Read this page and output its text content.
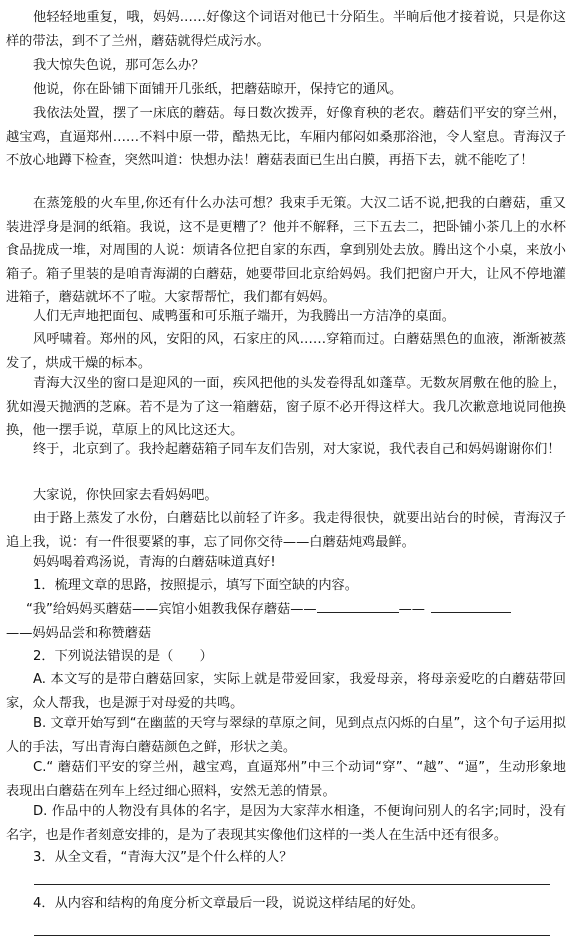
他轻轻地重复，哦，妈妈……好像这个词语对他已十分陌生。半晌后他才接着说，只是你这样的带法，到不了兰州，蘑菇就得烂成污水。
我大惊失色说，那可怎么办？
他说，你在卧铺下面铺开几张纸，把蘑菇晾开，保持它的通风。
我依法处置，摆了一床底的蘑菇。每日数次拨弄，好像育秧的老农。蘑菇们平安的穿兰州，越宝鸡，直逼郑州……不料中原一带，酷热无比，车厢内郁闷如桑那浴池，令人窒息。青海汉子不放心地蹲下检查，突然叫道：快想办法！蘑菇表面已生出白膜，再捂下去，就不能吃了！
在蒸笼般的火车里,你还有什么办法可想？我束手无策。大汉二话不说,把我的白蘑菇，重又装进浮身是洞的纸箱。我说，这不是更糟了？他并不解释，三下五去二，把卧铺小茶几上的水杯食品拢成一堆，对周围的人说：烦请各位把自家的东西，拿到别处去放。腾出这个小桌，来放小箱子。箱子里装的是咱青海湖的白蘑菇，她要带回北京给妈妈。我们把窗户开大，让风不停地灌进箱子，蘑菇就坏不了啦。大家帮帮忙，我们都有妈妈。
人们无声地把面包、咸鸭蛋和可乐瓶子端开，为我腾出一方洁净的桌面。
风呼啸着。郑州的风，安阳的风，石家庄的风……穿箱而过。白蘑菇黑色的血液，渐渐被蒸发了，烘成干燥的标本。
青海大汉坐的窗口是迎风的一面，疾风把他的头发卷得乱如蓬草。无数灰屑敷在他的脸上，犹如漫天抛洒的芝麻。若不是为了这一箱蘑菇，窗子原不必开得这样大。我几次歉意地说同他换换，他一摆手说，草原上的风比这还大。
终于，北京到了。我拎起蘑菇箱子同车友们告别，对大家说，我代表自己和妈妈谢谢你们！
大家说，你快回家去看妈妈吧。
由于路上蒸发了水份，白蘑菇比以前轻了许多。我走得很快，就要出站台的时候，青海汉子追上我，说：有一件很要紧的事，忘了同你交待——白蘑菇炖鸡最鲜。
妈妈喝着鸡汤说，青海的白蘑菇味道真好!
1．梳理文章的思路，按照提示，填写下面空缺的内容。
“我”给妈妈买蘑菇——宾馆小姐教我保存蘑菇——	——
——妈妈品尝和称赞蘑菇
2．下列说法错误的是（　　）
A. 本文写的是带白蘑菇回家，实际上就是带爱回家，我爱母亲，将母亲爱吃的白蘑菇带回家，众人帮我，也是源于对母爱的共鸣。
B. 文章开始写到“在幽蓝的天穹与翠绿的草原之间，见到点点闪烁的白星”，这个句子运用拟人的手法，写出青海白蘑菇颜色之鲜，形状之美。
C.“ 蘑菇们平安的穿兰州，越宝鸡，直逼郑州”中三个动词“穿”、“越”、“逼”，生动形象地表现出白蘑菇在列车上经过细心照料，安然无恙的情景。
D. 作品中的人物没有具体的名字，是因为大家萍水相逢，不便询问别人的名字;同时，没有名字，也是作者刻意安排的，是为了表现其实像他们这样的一类人在生活中还有很多。
3．从全文看，“青海大汉”是个什么样的人？
4．从内容和结构的角度分析文章最后一段，说说这样结尾的好处。
